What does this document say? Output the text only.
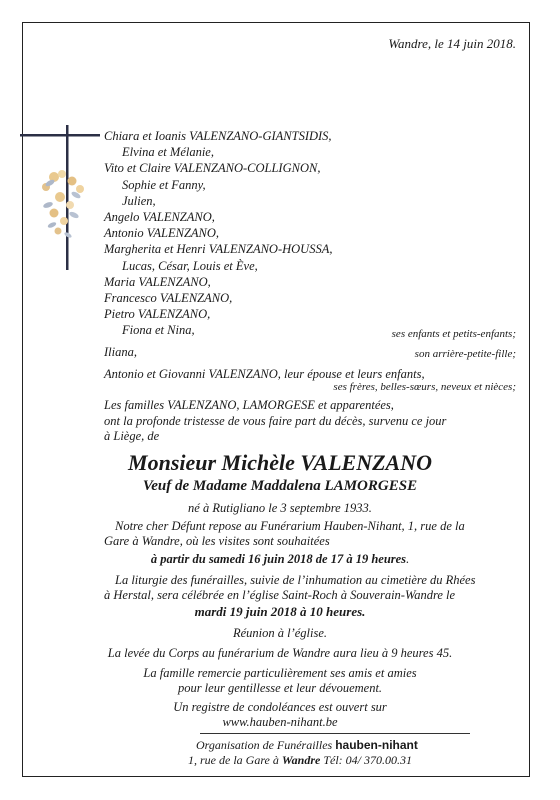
Wandre, le 14 juin 2018.
Chiara et Ioanis VALENZANO-GIANTSIDIS,
Elvina et Mélanie,
Vito et Claire VALENZANO-COLLIGNON,
Sophie et Fanny,
Julien,
Angelo VALENZANO,
Antonio VALENZANO,
Margherita et Henri VALENZANO-HOUSSA,
Lucas, César, Louis et Ève,
Maria VALENZANO,
Francesco VALENZANO,
Pietro VALENZANO,
Fiona et Nina,	ses enfants et petits-enfants;
Iliana,	son arrière-petite-fille;
Antonio et Giovanni VALENZANO, leur épouse et leurs enfants,
ses frères, belles-sœurs, neveux et nièces;
Les familles VALENZANO, LAMORGESE et apparentées,
ont la profonde tristesse de vous faire part du décès, survenu ce jour
à Liège, de
Monsieur Michèle VALENZANO
Veuf de Madame Maddalena LAMORGESE
né à Rutigliano le 3 septembre 1933.
Notre cher Défunt repose au Funérarium Hauben-Nihant, 1, rue de la
Gare à Wandre, où les visites sont souhaitées
à partir du samedi 16 juin 2018 de 17 à 19 heures.
La liturgie des funérailles, suivie de l’inhumation au cimetière du Rhées
à Herstal, sera célébrée en l’église Saint-Roch à Souverain-Wandre le
mardi 19 juin 2018 à 10 heures.
Réunion à l’église.
La levée du Corps au funérarium de Wandre aura lieu à 9 heures 45.
La famille remercie particulièrement ses amis et amies
pour leur gentillesse et leur dévouement.
Un registre de condoléances est ouvert sur
www.hauben-nihant.be
Organisation de Funérailles hauben-nihant
1, rue de la Gare à Wandre Tél: 04/ 370.00.31
